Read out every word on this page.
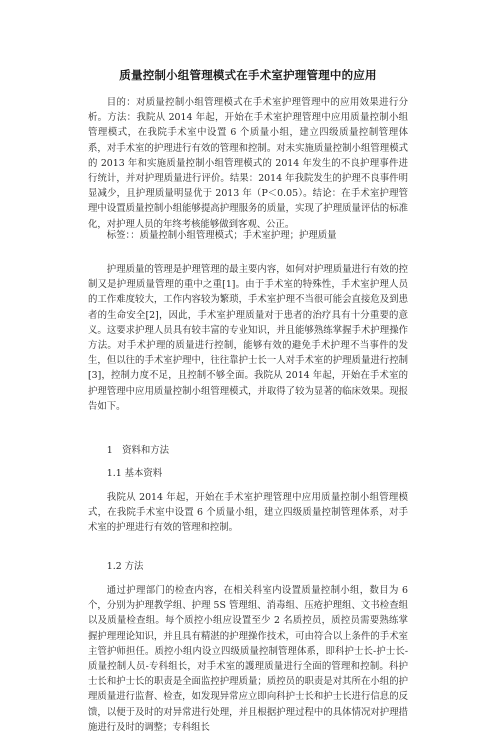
质量控制小组管理模式在手术室护理管理中的应用

目的：对质量控制小组管理模式在手术室护理管理中的应用效果进行分析。方法：我院从 2014 年起，开始在手术室护理管理中应用质量控制小组管理模式，在我院手术室中设置 6 个质量小组，建立四级质量控制管理体系，对手术室的护理进行有效的管理和控制。对未实施质量控制小组管理模式的 2013 年和实施质量控制小组管理模式的 2014 年发生的不良护理事件进行统计，并对护理质量进行评价。结果：2014 年我院发生的护理不良事件明显减少，且护理质量明显优于 2013 年（P＜0.05）。结论：在手术室护理管理中设置质量控制小组能够提高护理服务的质量，实现了护理质量评估的标准化，对护理人员的年终考核能够做到客观、公正。

标签：：质量控制小组管理模式；手术室护理；护理质量

护理质量的管理是护理管理的最主要内容，如何对护理质量进行有效的控制又是护理质量管理的重中之重[1]。由于手术室的特殊性，手术室护理人员的工作难度较大，工作内容较为繁琐，手术室护理不当很可能会直接危及到患者的生命安全[2]，因此，手术室护理质量对于患者的治疗具有十分重要的意义。这要求护理人员具有较丰富的专业知识，并且能够熟练掌握手术护理操作方法。对手术护理的质量进行控制，能够有效的避免手术护理不当事件的发生，但以往的手术室护理中，往往靠护士长一人对手术室的护理质量进行控制[3]，控制力度不足，且控制不够全面。我院从 2014 年起，开始在手术室的护理管理中应用质量控制小组管理模式，并取得了较为显著的临床效果。现报告如下。

1　资料和方法

1.1 基本资料

我院从 2014 年起，开始在手术室护理管理中应用质量控制小组管理模式，在我院手术室中设置 6 个质量小组，建立四级质量控制管理体系，对手术室的护理进行有效的管理和控制。

1.2 方法

通过护理部门的检查内容，在相关科室内设置质量控制小组，数目为 6 个，分别为护理教学组、护理 5S 管理组、消毒组、压疮护理组、文书检查组以及质量检查组。每个质控小组应设置至少 2 名质控员，质控员需要熟练掌握护理理论知识，并且具有精湛的护理操作技术，可由符合以上条件的手术室主管护师担任。质控小组内设立四级质量控制管理体系，即科护士长-护士长-质量控制人员-专科组长，对手术室的護理质量进行全面的管理和控制。科护士长和护士长的职责是全面监控护理质量；质控员的职责是对其所在小组的护理质量进行监督、检查，如发现异常应立即向科护士长和护士长进行信息的反馈，以便于及时的对异常进行处理，并且根据护理过程中的具体情况对护理措施进行及时的调整；专科组长
